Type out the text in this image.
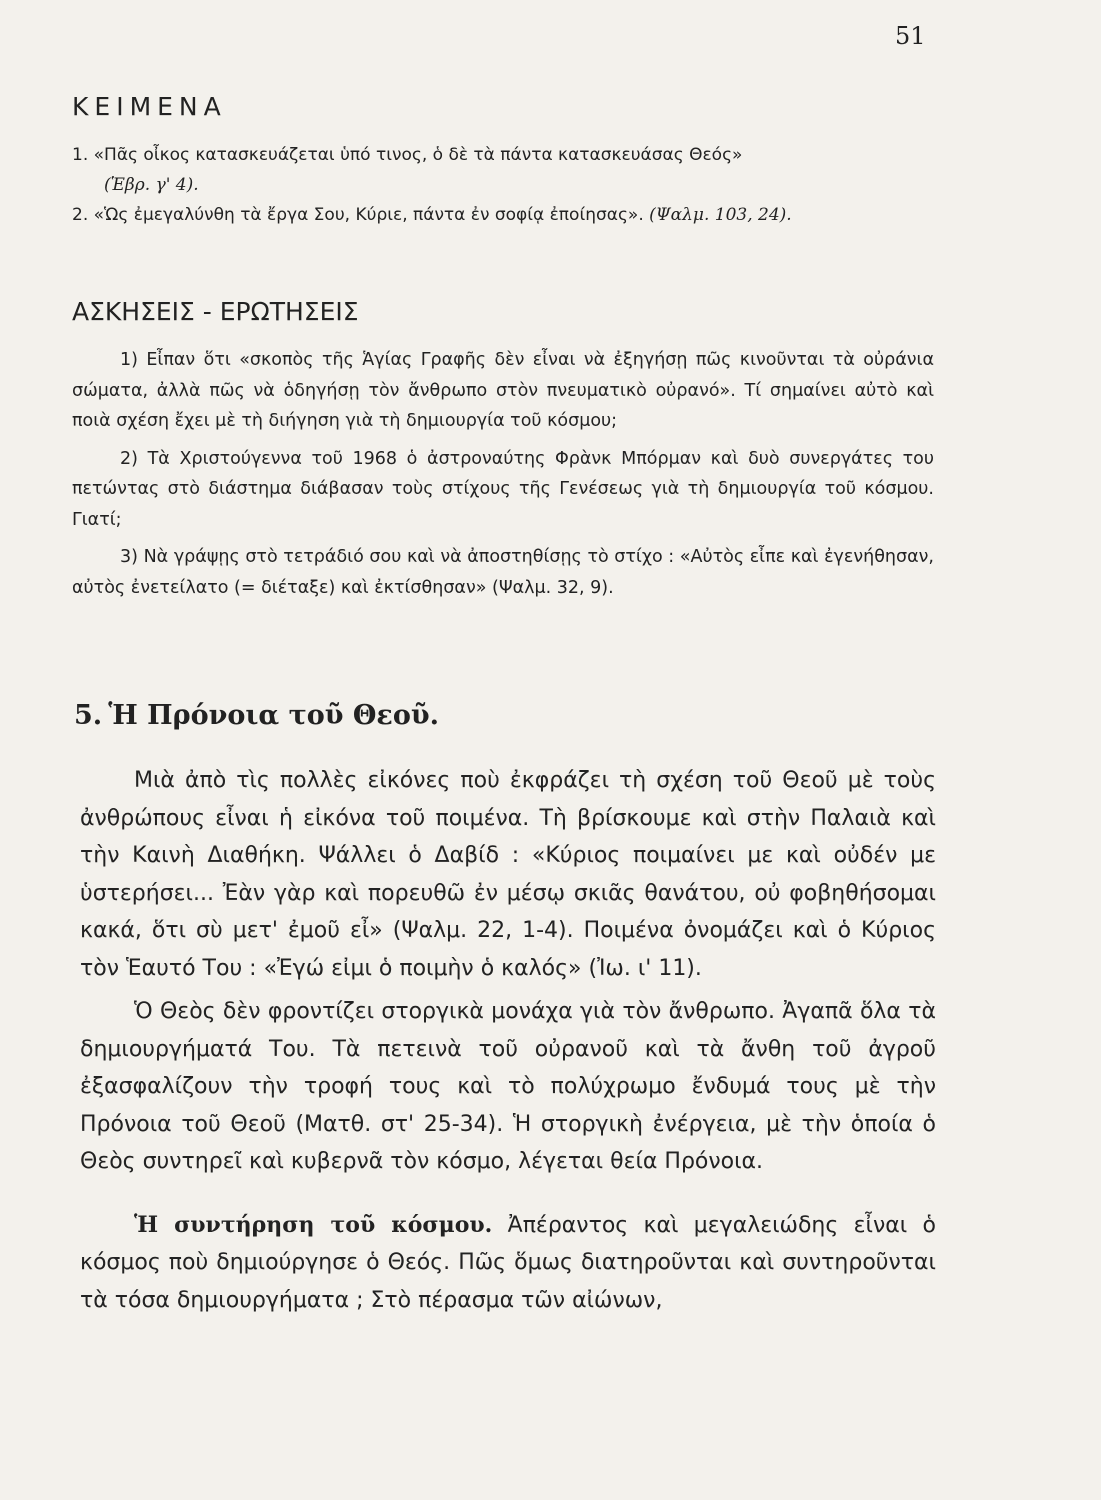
51
ΚΕΙΜΕΝΑ
1. «Πᾶς οἶκος κατασκευάζεται ὑπό τινος, ὁ δὲ τὰ πάντα κατασκευάσας Θεός»
(Ἑβρ. γ' 4).
2. «Ὡς ἐμεγαλύνθη τὰ ἔργα Σου, Κύριε, πάντα ἐν σοφίᾳ ἐποίησας». (Ψαλμ. 103, 24).
ΑΣΚΗΣΕΙΣ - ΕΡΩΤΗΣΕΙΣ

1) Εἶπαν ὅτι «σκοπὸς τῆς Ἁγίας Γραφῆς δὲν εἶναι νὰ ἐξηγήσῃ πῶς κινοῦνται τὰ οὐράνια σώματα, ἀλλὰ πῶς νὰ ὁδηγήσῃ τὸν ἄνθρωπο στὸν πνευματικὸ οὐρανό». Τί σημαίνει αὐτὸ καὶ ποιὰ σχέση ἔχει μὲ τὴ διήγηση γιὰ τὴ δημιουργία τοῦ κόσμου;

2) Τὰ Χριστούγεννα τοῦ 1968 ὁ ἀστροναύτης Φρὰνκ Μπόρμαν καὶ δυὸ συνεργάτες του πετώντας στὸ διάστημα διάβασαν τοὺς στίχους τῆς Γενέσεως γιὰ τὴ δημιουργία τοῦ κόσμου. Γιατί;

3) Νὰ γράψῃς στὸ τετράδιό σου καὶ νὰ ἀποστηθίσῃς τὸ στίχο : «Αὐτὸς εἶπε καὶ ἐγενήθησαν, αὐτὸς ἐνετείλατο (= διέταξε) καὶ ἐκτίσθησαν» (Ψαλμ. 32, 9).

5. Ἡ Πρόνοια τοῦ Θεοῦ.

Μιὰ ἀπὸ τὶς πολλὲς εἰκόνες ποὺ ἐκφράζει τὴ σχέση τοῦ Θεοῦ μὲ τοὺς ἀνθρώπους εἶναι ἡ εἰκόνα τοῦ ποιμένα. Τὴ βρίσκουμε καὶ στὴν Παλαιὰ καὶ τὴν Καινὴ Διαθήκη. Ψάλλει ὁ Δαβίδ : «Κύριος ποιμαίνει με καὶ οὐδέν με ὑστερήσει... Ἐὰν γὰρ καὶ πορευθῶ ἐν μέσῳ σκιᾶς θανάτου, οὐ φοβηθήσομαι κακά, ὅτι σὺ μετ' ἐμοῦ εἶ» (Ψαλμ. 22, 1-4). Ποιμένα ὀνομάζει καὶ ὁ Κύριος τὸν Ἑαυτό Του : «Ἐγώ εἰμι ὁ ποιμὴν ὁ καλός» (Ἰω. ι' 11).

Ὁ Θεὸς δὲν φροντίζει στοργικὰ μονάχα γιὰ τὸν ἄνθρωπο. Ἀγαπᾶ ὅλα τὰ δημιουργήματά Του. Τὰ πετεινὰ τοῦ οὐρανοῦ καὶ τὰ ἄνθη τοῦ ἀγροῦ ἐξασφαλίζουν τὴν τροφή τους καὶ τὸ πολύχρωμο ἔνδυμά τους μὲ τὴν Πρόνοια τοῦ Θεοῦ (Ματθ. στ' 25-34). Ἡ στοργικὴ ἐνέργεια, μὲ τὴν ὁποία ὁ Θεὸς συντηρεῖ καὶ κυβερνᾶ τὸν κόσμο, λέγεται θεία Πρόνοια.

Ἡ συντήρηση τοῦ κόσμου. Ἀπέραντος καὶ μεγαλειώδης εἶναι ὁ κόσμος ποὺ δημιούργησε ὁ Θεός. Πῶς ὅμως διατηροῦνται καὶ συντηροῦνται τὰ τόσα δημιουργήματα ; Στὸ πέρασμα τῶν αἰώνων,
